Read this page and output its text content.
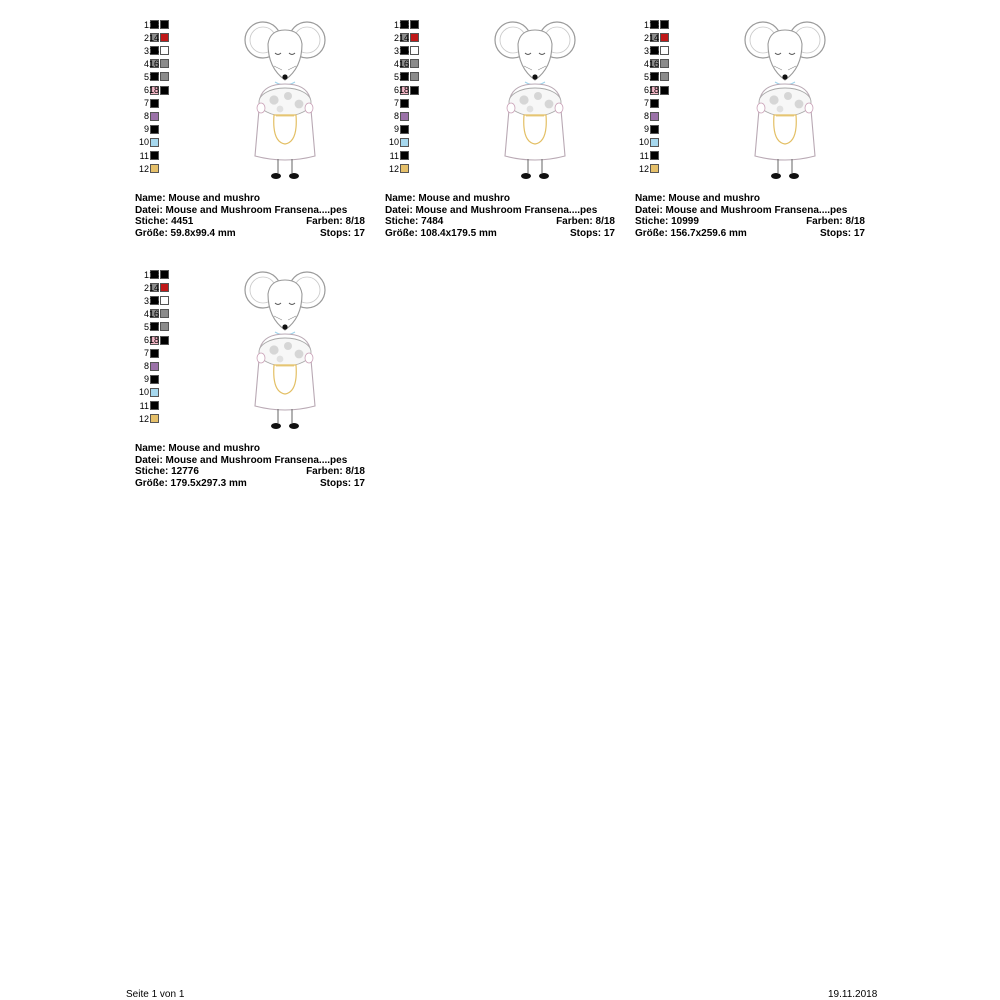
1
2
3
4
5
6
7
8
9
10
11
12
13
14
15
16
17
18
Name: Mouse and mushro
Datei: Mouse and Mushroom Fransena....pes
Stiche: 4451	Farben: 8/18
Größe: 59.8x99.4 mm	Stops: 17
1
2
3
4
5
6
7
8
9
10
11
12
13
14
15
16
17
18
Name: Mouse and mushro
Datei: Mouse and Mushroom Fransena....pes
Stiche: 7484	Farben: 8/18
Größe: 108.4x179.5 mm	Stops: 17
1
2
3
4
5
6
7
8
9
10
11
12
13
14
15
16
17
18
Name: Mouse and mushro
Datei: Mouse and Mushroom Fransena....pes
Stiche: 10999	Farben: 8/18
Größe: 156.7x259.6 mm	Stops: 17
1
2
3
4
5
6
7
8
9
10
11
12
13
14
15
16
17
18
Name: Mouse and mushro
Datei: Mouse and Mushroom Fransena....pes
Stiche: 12776	Farben: 8/18
Größe: 179.5x297.3 mm	Stops: 17
Seite 1 von 1	19.11.2018
